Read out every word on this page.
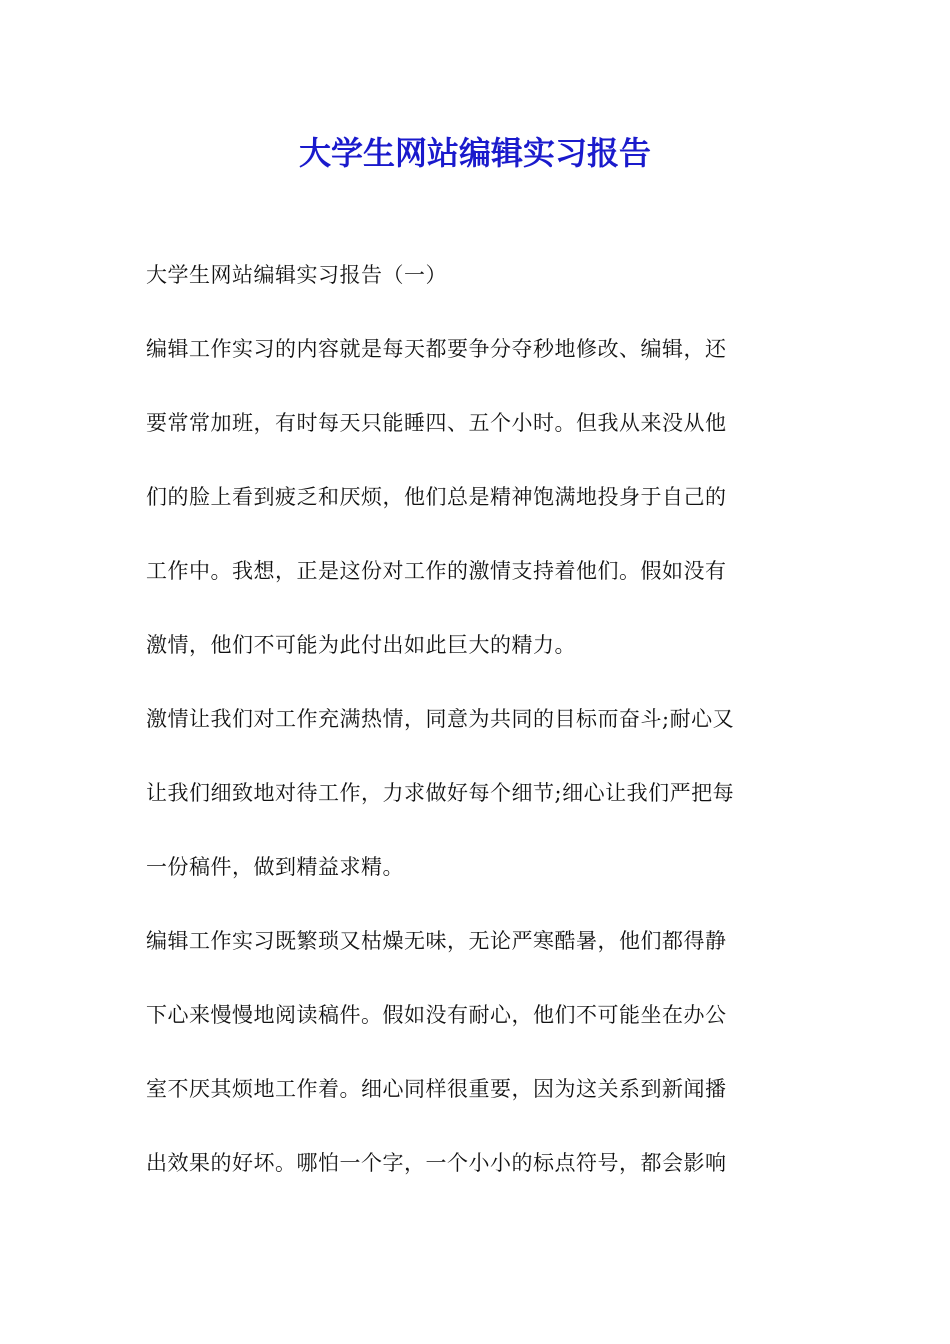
大学生网站编辑实习报告

大学生网站编辑实习报告（一）

编辑工作实习的内容就是每天都要争分夺秒地修改、编辑，还
要常常加班，有时每天只能睡四、五个小时。但我从来没从他
们的脸上看到疲乏和厌烦，他们总是精神饱满地投身于自己的
工作中。我想，正是这份对工作的激情支持着他们。假如没有
激情，他们不可能为此付出如此巨大的精力。

激情让我们对工作充满热情，同意为共同的目标而奋斗;耐心又
让我们细致地对待工作，力求做好每个细节;细心让我们严把每
一份稿件，做到精益求精。

编辑工作实习既繁琐又枯燥无味，无论严寒酷暑，他们都得静
下心来慢慢地阅读稿件。假如没有耐心，他们不可能坐在办公
室不厌其烦地工作着。细心同样很重要，因为这关系到新闻播
出效果的好坏。哪怕一个字，一个小小的标点符号，都会影响
